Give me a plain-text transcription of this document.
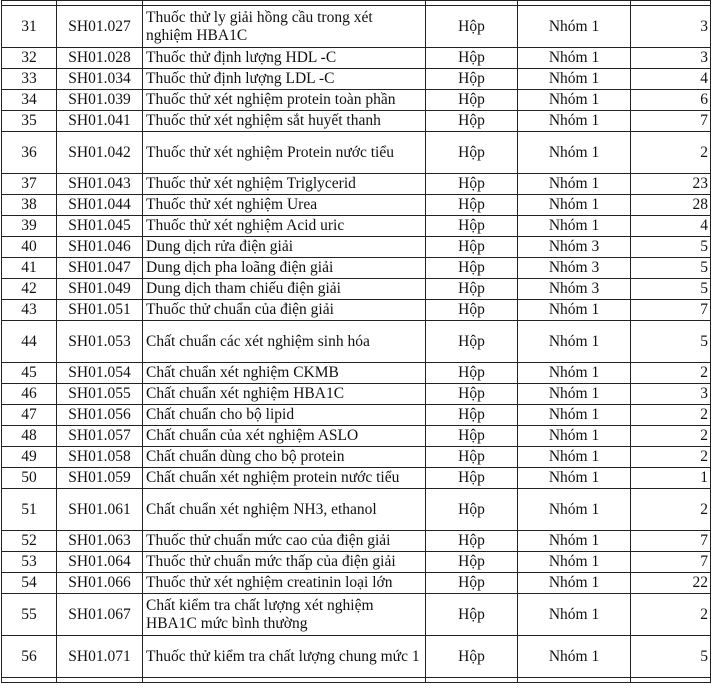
31	SH01.027	Thuốc thử ly giải hồng cầu trong xét nghiệm HBA1C	Hộp	Nhóm 1	3
32	SH01.028	Thuốc thử định lượng HDL -C	Hộp	Nhóm 1	3
33	SH01.034	Thuốc thử định lượng LDL -C	Hộp	Nhóm 1	4
34	SH01.039	Thuốc thử xét nghiệm protein toàn phần	Hộp	Nhóm 1	6
35	SH01.041	Thuốc thử xét nghiệm sắt huyết thanh	Hộp	Nhóm 1	7
36	SH01.042	Thuốc thử xét nghiệm Protein nước tiểu	Hộp	Nhóm 1	2
37	SH01.043	Thuốc thử xét nghiệm Triglycerid	Hộp	Nhóm 1	23
38	SH01.044	Thuốc thử xét nghiệm Urea	Hộp	Nhóm 1	28
39	SH01.045	Thuốc thử xét nghiệm Acid uric	Hộp	Nhóm 1	4
40	SH01.046	Dung dịch rửa điện giải	Hộp	Nhóm 3	5
41	SH01.047	Dung dịch pha loãng điện giải	Hộp	Nhóm 3	5
42	SH01.049	Dung dịch tham chiếu điện giải	Hộp	Nhóm 3	5
43	SH01.051	Thuốc thử chuẩn của điện giải	Hộp	Nhóm 1	7
44	SH01.053	Chất chuẩn các xét nghiệm sinh hóa	Hộp	Nhóm 1	5
45	SH01.054	Chất chuẩn xét nghiệm CKMB	Hộp	Nhóm 1	2
46	SH01.055	Chất chuẩn xét nghiệm HBA1C	Hộp	Nhóm 1	3
47	SH01.056	Chất chuẩn cho bộ lipid	Hộp	Nhóm 1	2
48	SH01.057	Chất chuẩn của xét nghiệm ASLO	Hộp	Nhóm 1	2
49	SH01.058	Chất chuẩn dùng cho bộ protein	Hộp	Nhóm 1	2
50	SH01.059	Chất chuẩn xét nghiệm protein nước tiểu	Hộp	Nhóm 1	1
51	SH01.061	Chất chuẩn xét nghiệm NH3, ethanol	Hộp	Nhóm 1	2
52	SH01.063	Thuốc thử chuẩn mức cao của điện giải	Hộp	Nhóm 1	7
53	SH01.064	Thuốc thử chuẩn mức thấp của điện giải	Hộp	Nhóm 1	7
54	SH01.066	Thuốc thử xét nghiệm creatinin loại lớn	Hộp	Nhóm 1	22
55	SH01.067	Chất kiểm tra chất lượng xét nghiệm HBA1C mức bình thường	Hộp	Nhóm 1	2
56	SH01.071	Thuốc thử kiểm tra chất lượng chung mức 1	Hộp	Nhóm 1	5
